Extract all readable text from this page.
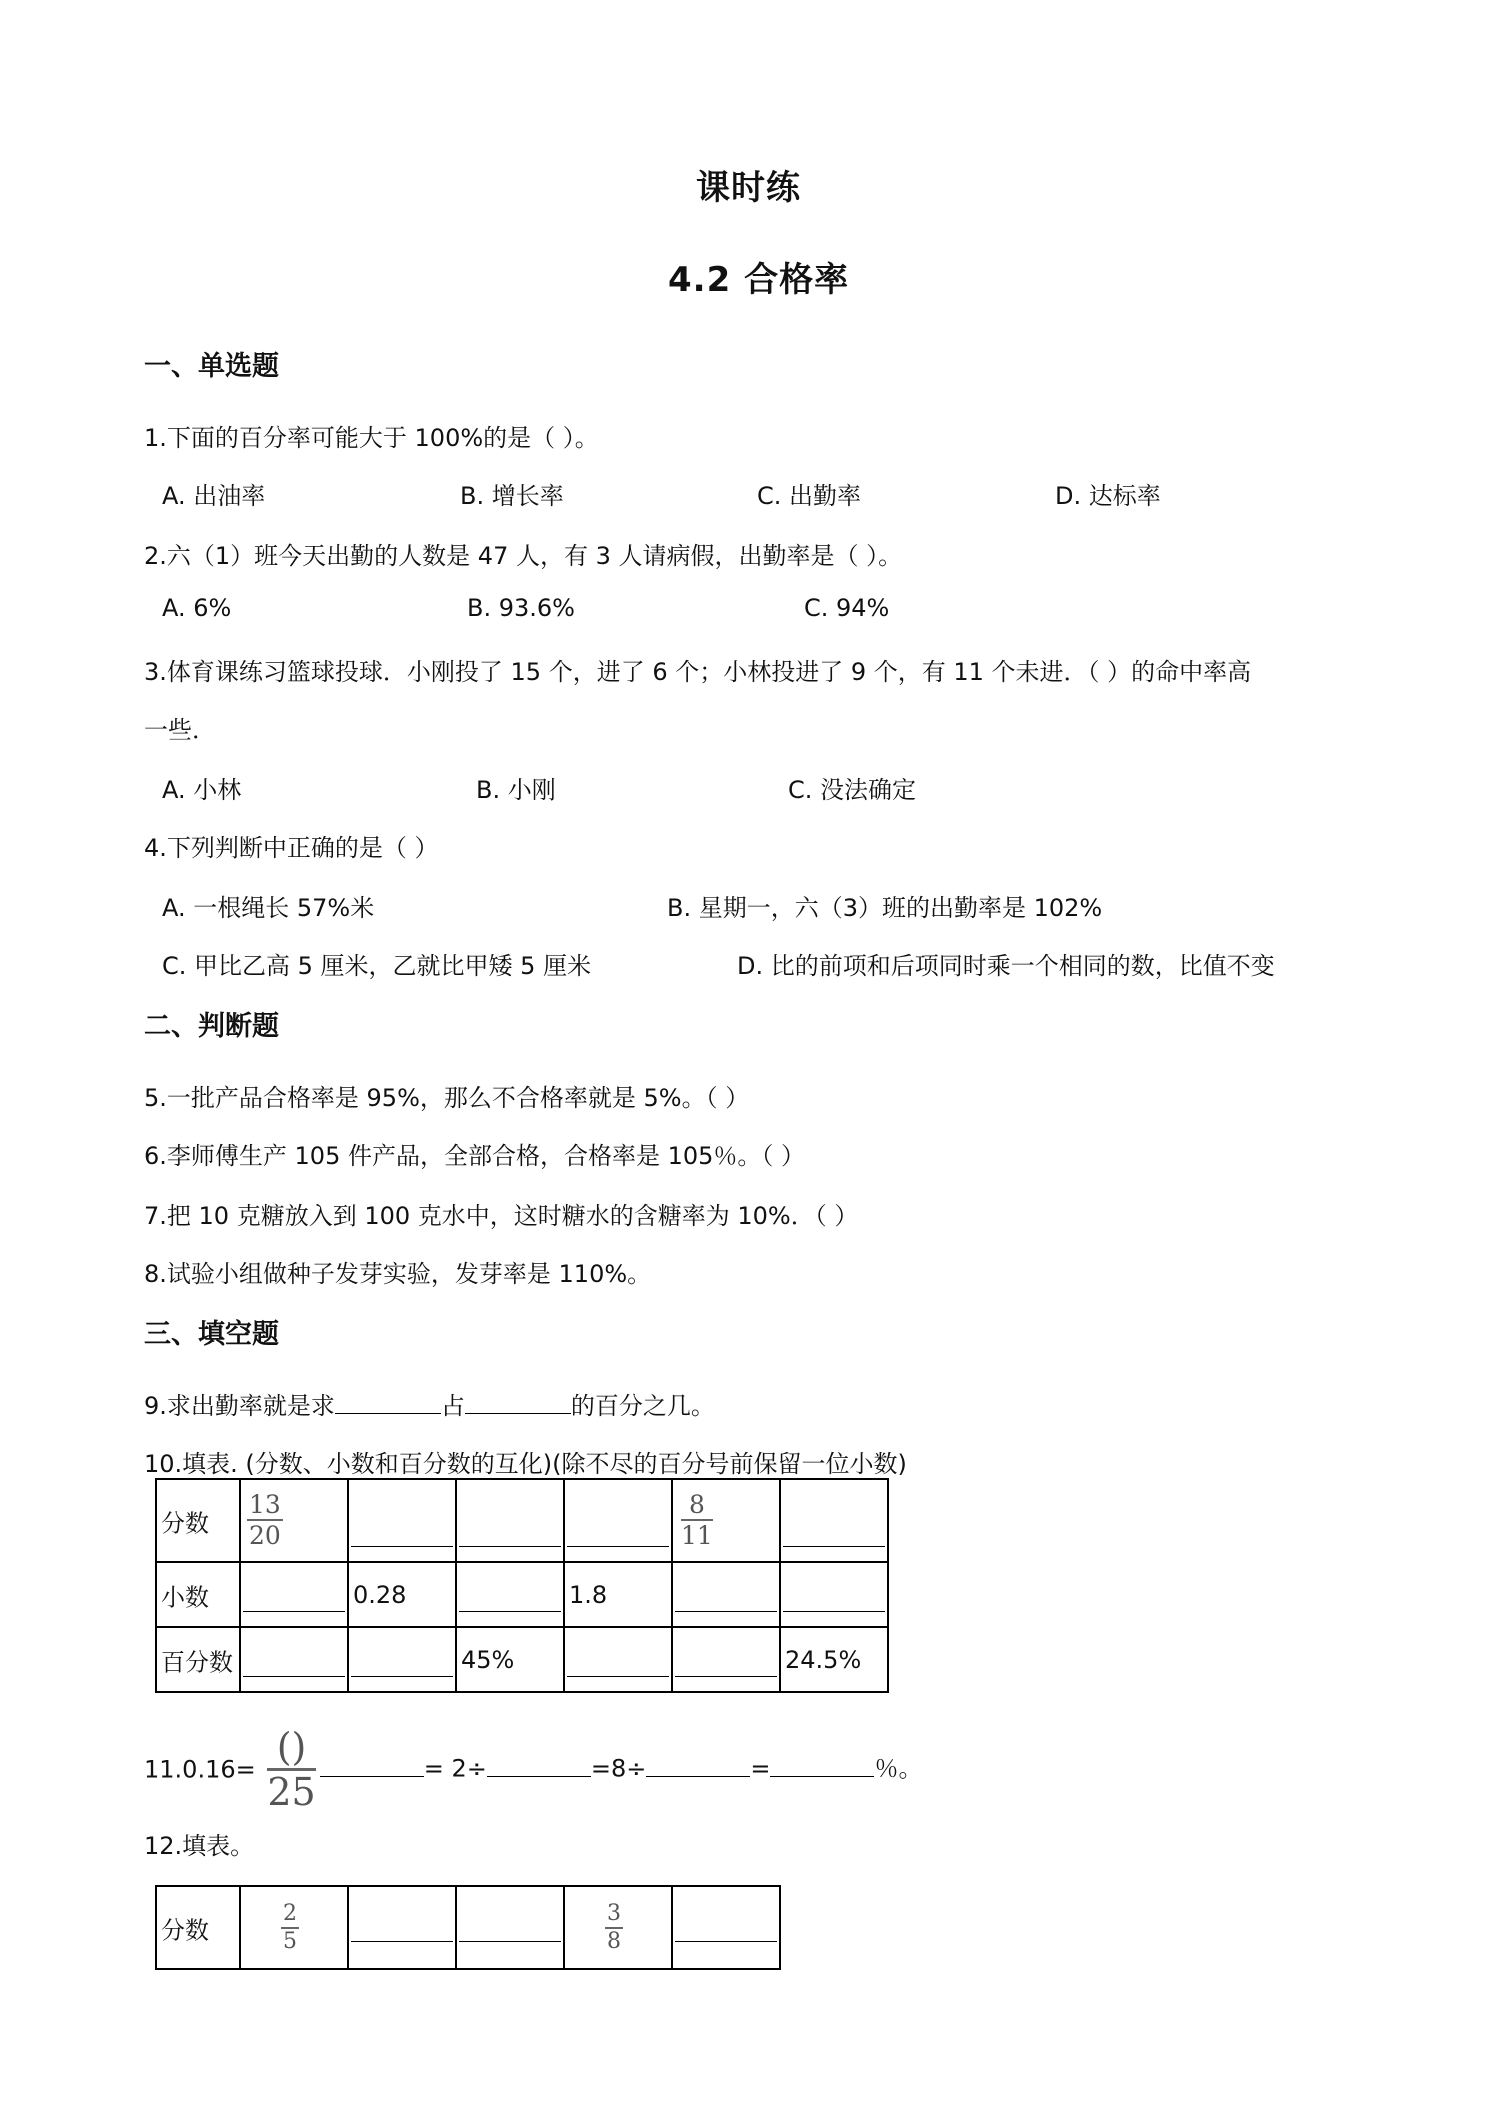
课时练
4.2 合格率
一、单选题
1.下面的百分率可能大于 100%的是（ ）。
A. 出油率	B. 增长率	C. 出勤率	D. 达标率
2.六（1）班今天出勤的人数是 47 人，有 3 人请病假，出勤率是（ ）。
A. 6%	B. 93.6%	C. 94%
3.体育课练习篮球投球．小刚投了 15 个，进了 6 个；小林投进了 9 个，有 11 个未进．（ ）的命中率高
一些．
A. 小林	B. 小刚	C. 没法确定
4.下列判断中正确的是（ ）
A. 一根绳长 57%米	B. 星期一，六（3）班的出勤率是 102%
C. 甲比乙高 5 厘米，乙就比甲矮 5 厘米	D. 比的前项和后项同时乘一个相同的数，比值不变
二、判断题
5.一批产品合格率是 95%，那么不合格率就是 5%。（ ）
6.李师傅生产 105 件产品，全部合格，合格率是 105％。（ ）
7.把 10 克糖放入到 100 克水中，这时糖水的含糖率为 10%．（ ）
8.试验小组做种子发芽实验，发芽率是 110%。
三、填空题
9.求出勤率就是求	占	的百分之几。
10.填表. (分数、小数和百分数的互化)(除不尽的百分号前保留一位小数)
分数	$\frac{13}{20}$				$\frac{8}{11}$

小数		0.28		1.8		

百分数			45%			24.5%
$11.0.16= \frac{()}{25}$	= 2÷	=8÷	=	％。
12.填表。
分数	$\frac{2}{5}$			$\frac{3}{8}$
